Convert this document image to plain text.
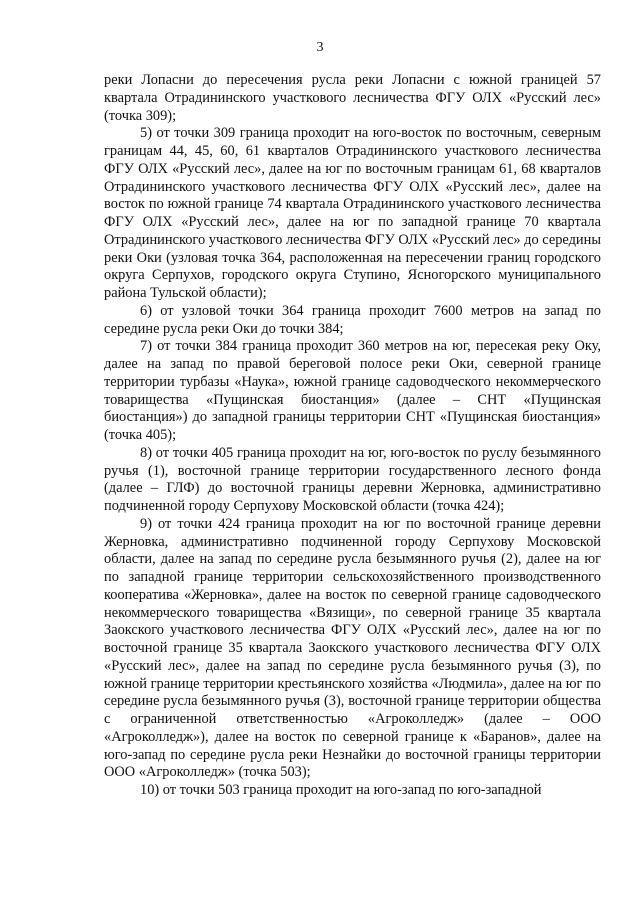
3

реки Лопасни до пересечения русла реки Лопасни с южной границей 57 квартала Отрадининского участкового лесничества ФГУ ОЛХ «Русский лес» (точка 309);

5) от точки 309 граница проходит на юго-восток по восточным, северным границам 44, 45, 60, 61 кварталов Отрадининского участкового лесничества ФГУ ОЛХ «Русский лес», далее на юг по восточным границам 61, 68 кварталов Отрадининского участкового лесничества ФГУ ОЛХ «Русский лес», далее на восток по южной границе 74 квартала Отрадининского участкового лесничества ФГУ ОЛХ «Русский лес», далее на юг по западной границе 70 квартала Отрадининского участкового лесничества ФГУ ОЛХ «Русский лес» до середины реки Оки (узловая точка 364, расположенная на пересечении границ городского округа Серпухов, городского округа Ступино, Ясногорского муниципального района Тульской области);

6) от узловой точки 364 граница проходит 7600 метров на запад по середине русла реки Оки до точки 384;

7) от точки 384 граница проходит 360 метров на юг, пересекая реку Оку, далее на запад по правой береговой полосе реки Оки, северной границе территории турбазы «Наука», южной границе садоводческого некоммерческого товарищества «Пущинская биостанция» (далее – СНТ «Пущинская биостанция») до западной границы территории СНТ «Пущинская биостанция» (точка 405);

8) от точки 405 граница проходит на юг, юго-восток по руслу безымянного ручья (1), восточной границе территории государственного лесного фонда (далее – ГЛФ) до восточной границы деревни Жерновка, административно подчиненной городу Серпухову Московской области (точка 424);

9) от точки 424 граница проходит на юг по восточной границе деревни Жерновка, административно подчиненной городу Серпухову Московской области, далее на запад по середине русла безымянного ручья (2), далее на юг по западной границе территории сельскохозяйственного производственного кооператива «Жерновка», далее на восток по северной границе садоводческого некоммерческого товарищества «Вязищи», по северной границе 35 квартала Заокского участкового лесничества ФГУ ОЛХ «Русский лес», далее на юг по восточной границе 35 квартала Заокского участкового лесничества ФГУ ОЛХ «Русский лес», далее на запад по середине русла безымянного ручья (3), по южной границе территории крестьянского хозяйства «Людмила», далее на юг по середине русла безымянного ручья (3), восточной границе территории общества с ограниченной ответственностью «Агроколледж» (далее – ООО «Агроколледж»), далее на восток по северной границе к «Баранов», далее на юго-запад по середине русла реки Незнайки до восточной границы территории ООО «Агроколледж» (точка 503);

10) от точки 503 граница проходит на юго-запад по юго-западной
